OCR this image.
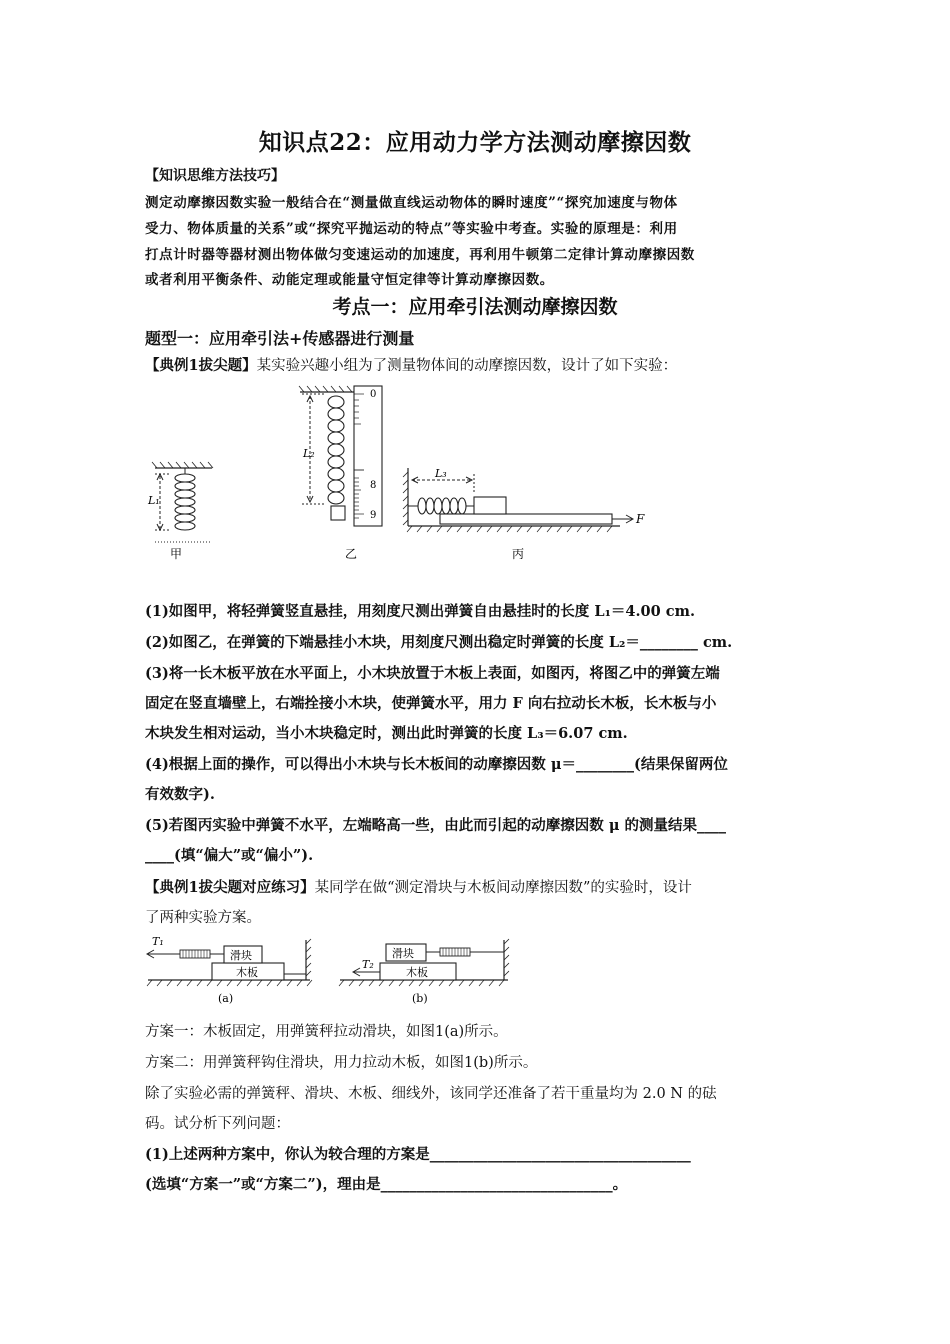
知识点22：应用动力学方法测动摩擦因数
【知识思维方法技巧】
测定动摩擦因数实验一般结合在“测量做直线运动物体的瞬时速度”“探究加速度与物体
受力、物体质量的关系”或“探究平抛运动的特点”等实验中考查。实验的原理是：利用
打点计时器等器材测出物体做匀变速运动的加速度，再利用牛顿第二定律计算动摩擦因数
或者利用平衡条件、动能定理或能量守恒定律等计算动摩擦因数。
考点一：应用牵引法测动摩擦因数
题型一：应用牵引法+传感器进行测量
【典例1拔尖题】某实验兴趣小组为了测量物体间的动摩擦因数，设计了如下实验：
L₁
甲
L₂
0
8
9
乙
L₃
F
丙
(1)如图甲，将轻弹簧竖直悬挂，用刻度尺测出弹簧自由悬挂时的长度 L₁＝4.00 cm.
(2)如图乙，在弹簧的下端悬挂小木块，用刻度尺测出稳定时弹簧的长度 L₂＝________ cm.
(3)将一长木板平放在水平面上，小木块放置于木板上表面，如图丙，将图乙中的弹簧左端
固定在竖直墙壁上，右端拴接小木块，使弹簧水平，用力 F 向右拉动长木板，长木板与小
木块发生相对运动，当小木块稳定时，测出此时弹簧的长度 L₃＝6.07 cm.
(4)根据上面的操作，可以得出小木块与长木板间的动摩擦因数 μ＝________(结果保留两位
有效数字).
(5)若图丙实验中弹簧不水平，左端略高一些，由此而引起的动摩擦因数 μ 的测量结果____
____(填“偏大”或“偏小”).
【典例1拔尖题对应练习】某同学在做“测定滑块与木板间动摩擦因数”的实验时，设计
了两种实验方案。
滑块
木板
T₁
(a)
滑块
木板
T₂
(b)
方案一：木板固定，用弹簧秤拉动滑块，如图1(a)所示。
方案二：用弹簧秤钩住滑块，用力拉动木板，如图1(b)所示。
除了实验必需的弹簧秤、滑块、木板、细线外，该同学还准备了若干重量均为 2.0 N 的砝
码。试分析下列问题：
(1)上述两种方案中，你认为较合理的方案是____________________________________
(选填“方案一”或“方案二”)，理由是________________________________。
